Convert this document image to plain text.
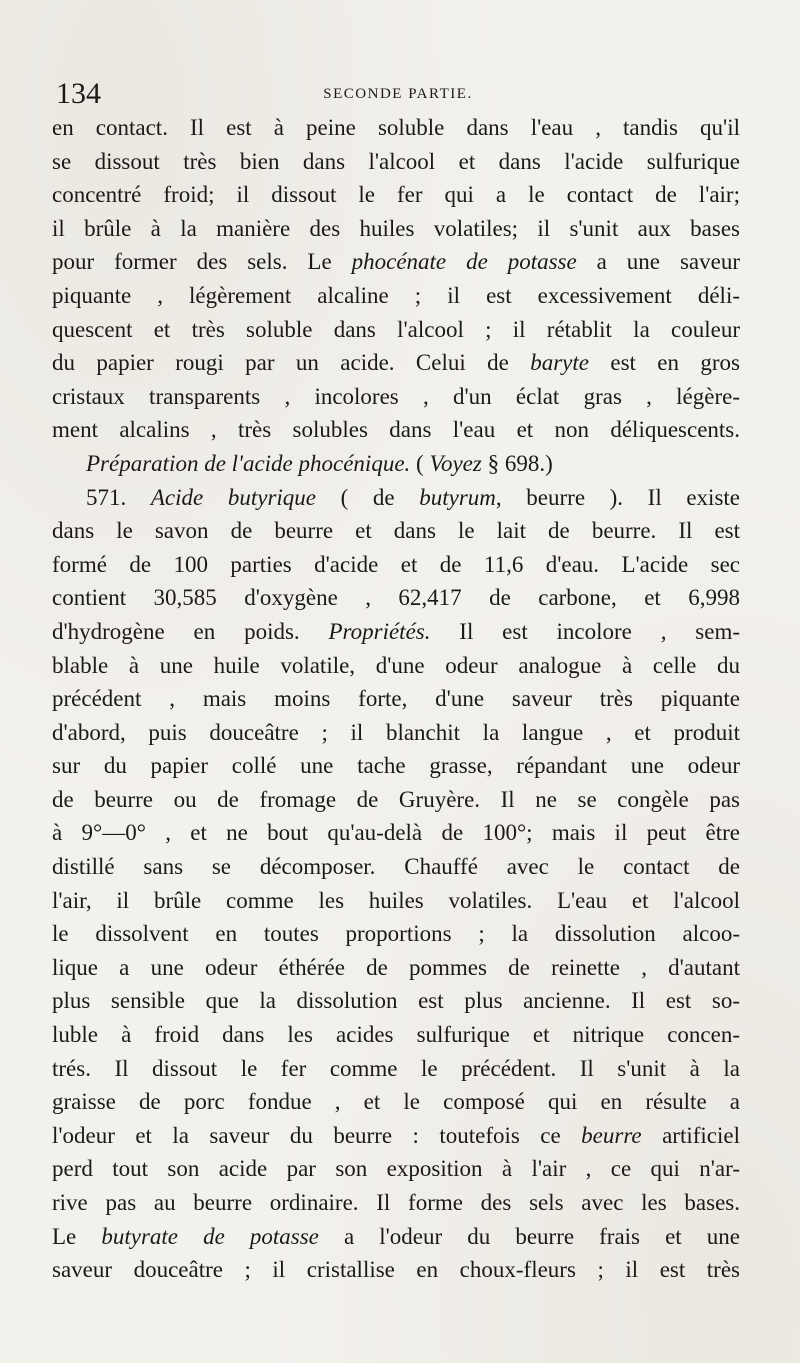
134	SECONDE PARTIE.
en contact. Il est à peine soluble dans l'eau , tandis qu'il
se dissout très bien dans l'alcool et dans l'acide sulfurique
concentré froid; il dissout le fer qui a le contact de l'air;
il brûle à la manière des huiles volatiles; il s'unit aux bases
pour former des sels. Le phocénate de potasse a une saveur
piquante , légèrement alcaline ; il est excessivement déli-
quescent et très soluble dans l'alcool ; il rétablit la couleur
du papier rougi par un acide. Celui de baryte est en gros
cristaux transparents , incolores , d'un éclat gras , légère-
ment alcalins , très solubles dans l'eau et non déliquescents.
Préparation de l'acide phocénique. ( Voyez § 698.)
571. Acide butyrique ( de butyrum, beurre ). Il existe
dans le savon de beurre et dans le lait de beurre. Il est
formé de 100 parties d'acide et de 11,6 d'eau. L'acide sec
contient 30,585 d'oxygène , 62,417 de carbone, et 6,998
d'hydrogène en poids. Propriétés. Il est incolore , sem-
blable à une huile volatile, d'une odeur analogue à celle du
précédent , mais moins forte, d'une saveur très piquante
d'abord, puis douceâtre ; il blanchit la langue , et produit
sur du papier collé une tache grasse, répandant une odeur
de beurre ou de fromage de Gruyère. Il ne se congèle pas
à 9°—0° , et ne bout qu'au-delà de 100°; mais il peut être
distillé sans se décomposer. Chauffé avec le contact de
l'air, il brûle comme les huiles volatiles. L'eau et l'alcool
le dissolvent en toutes proportions ; la dissolution alcoo-
lique a une odeur éthérée de pommes de reinette , d'autant
plus sensible que la dissolution est plus ancienne. Il est so-
luble à froid dans les acides sulfurique et nitrique concen-
trés. Il dissout le fer comme le précédent. Il s'unit à la
graisse de porc fondue , et le composé qui en résulte a
l'odeur et la saveur du beurre : toutefois ce beurre artificiel
perd tout son acide par son exposition à l'air , ce qui n'ar-
rive pas au beurre ordinaire. Il forme des sels avec les bases.
Le butyrate de potasse a l'odeur du beurre frais et une
saveur douceâtre ; il cristallise en choux-fleurs ; il est très
